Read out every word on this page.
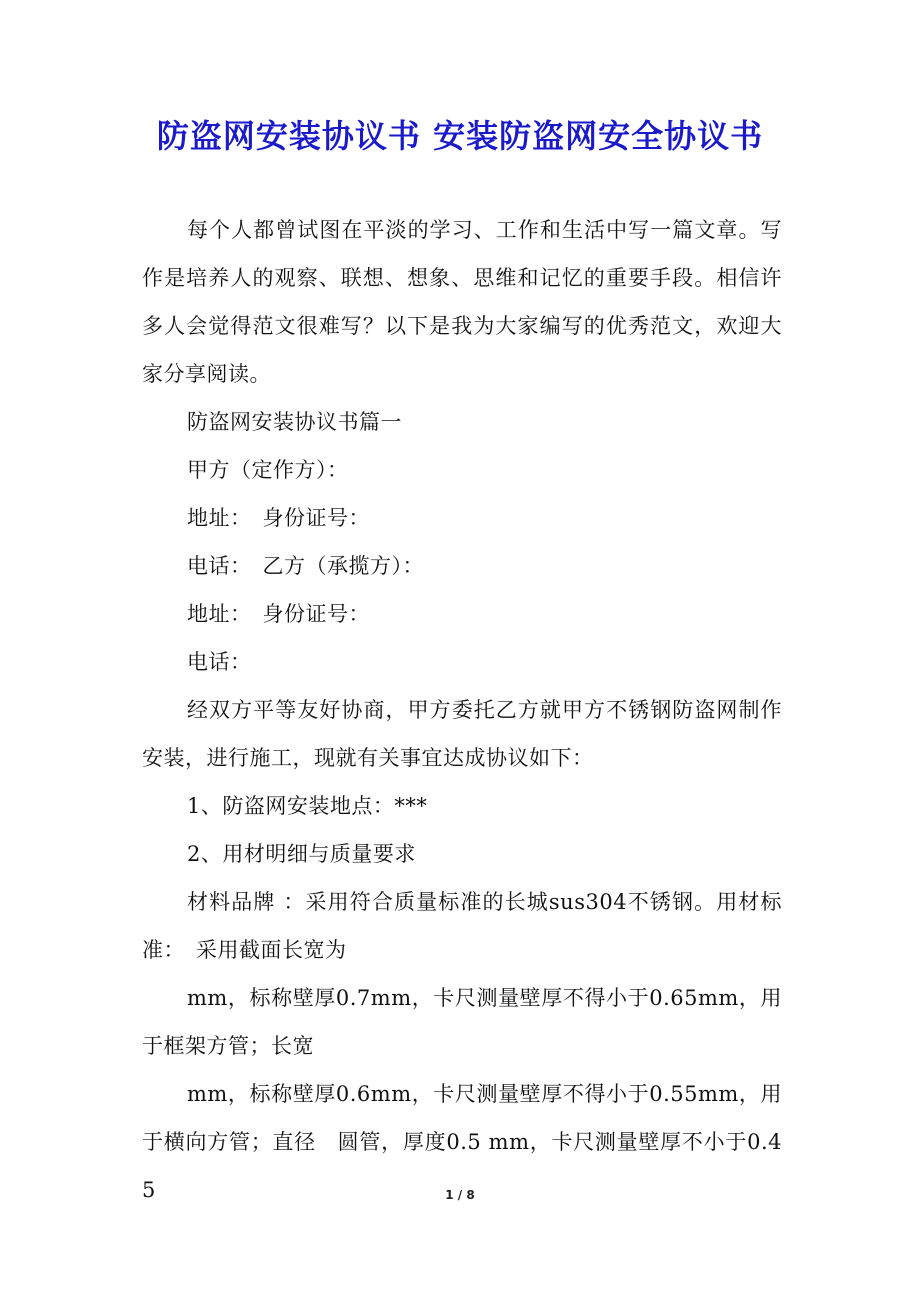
防盗网安装协议书 安装防盗网安全协议书

每个人都曾试图在平淡的学习、工作和生活中写一篇文章。写作是培养人的观察、联想、想象、思维和记忆的重要手段。相信许多人会觉得范文很难写？以下是我为大家编写的优秀范文，欢迎大家分享阅读。

防盗网安装协议书篇一

甲方（定作方）：

地址：　身份证号：

电话：　乙方（承揽方）：

地址：　身份证号：

电话：

经双方平等友好协商，甲方委托乙方就甲方不锈钢防盗网制作安装，进行施工，现就有关事宜达成协议如下：

1、防盗网安装地点：***

2、用材明细与质量要求

材料品牌 ：采用符合质量标准的长城sus304不锈钢。用材标准：　采用截面长宽为

mm，标称壁厚0.7mm，卡尺测量壁厚不得小于0.65mm，用于框架方管；长宽

mm，标称壁厚0.6mm，卡尺测量壁厚不得小于0.55mm，用于横向方管；直径　圆管，厚度0.5 mm，卡尺测量壁厚不小于0.45	1 / 8
